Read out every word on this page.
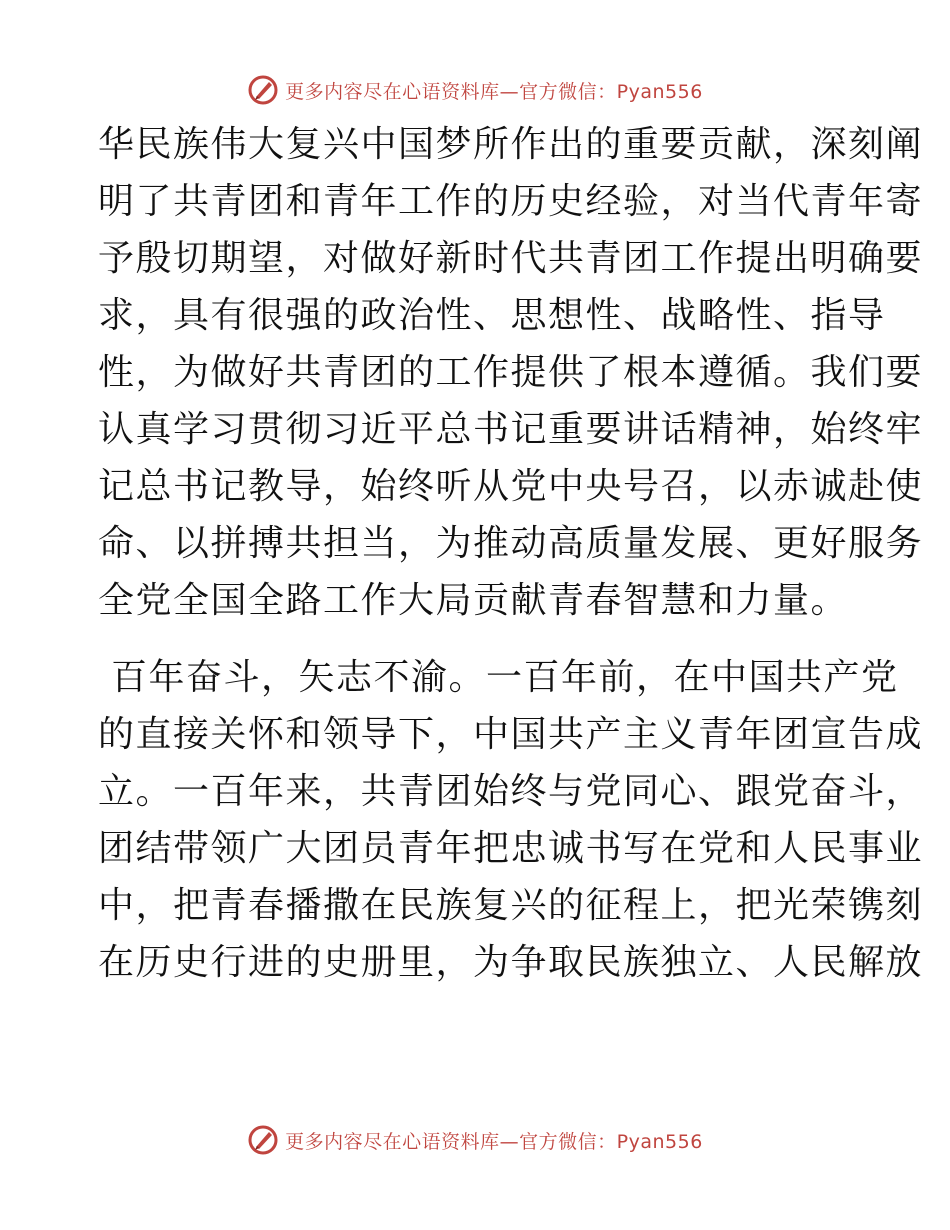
更多内容尽在心语资料库—官方微信：Pyan556
华民族伟大复兴中国梦所作出的重要贡献，深刻阐
明了共青团和青年工作的历史经验，对当代青年寄
予殷切期望，对做好新时代共青团工作提出明确要
求，具有很强的政治性、思想性、战略性、指导
性，为做好共青团的工作提供了根本遵循。我们要
认真学习贯彻习近平总书记重要讲话精神，始终牢
记总书记教导，始终听从党中央号召，以赤诚赴使
命、以拼搏共担当，为推动高质量发展、更好服务
全党全国全路工作大局贡献青春智慧和力量。
百年奋斗，矢志不渝。一百年前，在中国共产党
的直接关怀和领导下，中国共产主义青年团宣告成
立。一百年来，共青团始终与党同心、跟党奋斗，
团结带领广大团员青年把忠诚书写在党和人民事业
中，把青春播撒在民族复兴的征程上，把光荣镌刻
在历史行进的史册里，为争取民族独立、人民解放
更多内容尽在心语资料库—官方微信：Pyan556
